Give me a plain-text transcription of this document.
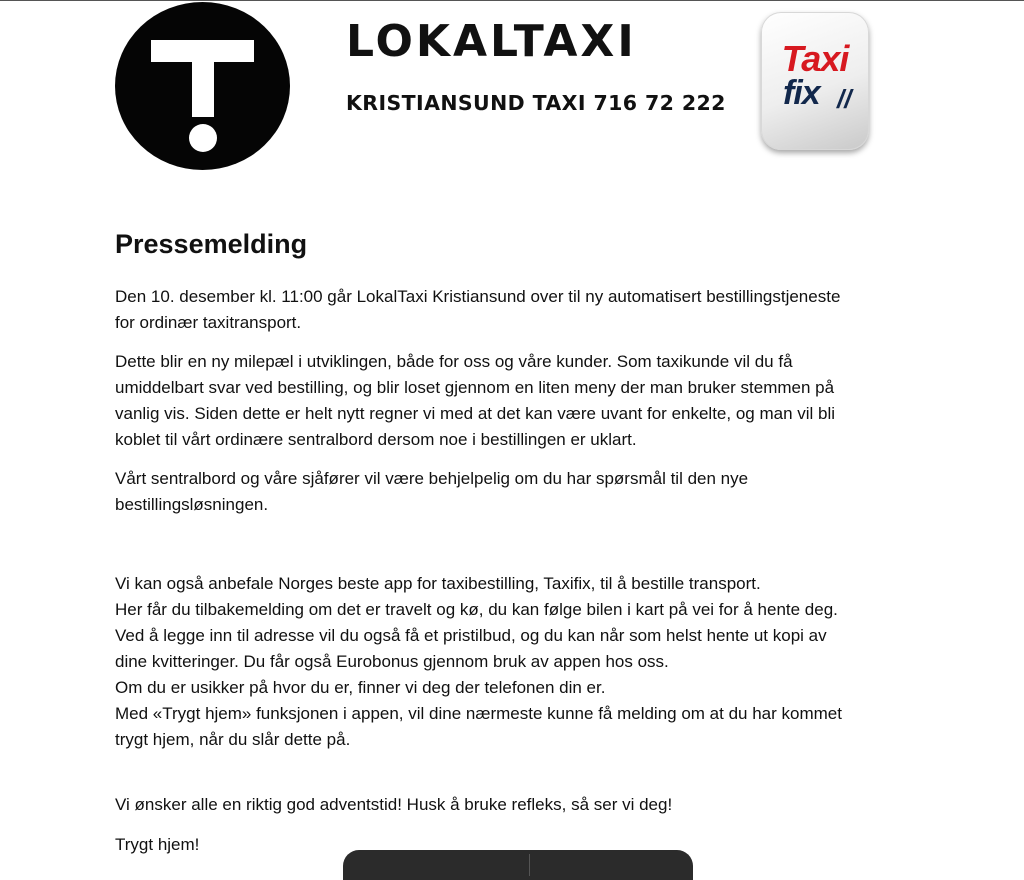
LOKALTAXI
KRISTIANSUND TAXI 716 72 222
Taxi
fix //
Pressemelding

Den 10. desember kl. 11:00 går LokalTaxi Kristiansund over til ny automatisert bestillingstjeneste
for ordinær taxitransport.

Dette blir en ny milepæl i utviklingen, både for oss og våre kunder. Som taxikunde vil du få
umiddelbart svar ved bestilling, og blir loset gjennom en liten meny der man bruker stemmen på
vanlig vis. Siden dette er helt nytt regner vi med at det kan være uvant for enkelte, og man vil bli
koblet til vårt ordinære sentralbord dersom noe i bestillingen er uklart.

Vårt sentralbord og våre sjåfører vil være behjelpelig om du har spørsmål til den nye
bestillingsløsningen.

Vi kan også anbefale Norges beste app for taxibestilling, Taxifix, til å bestille transport.
Her får du tilbakemelding om det er travelt og kø, du kan følge bilen i kart på vei for å hente deg.
Ved å legge inn til adresse vil du også få et pristilbud, og du kan når som helst hente ut kopi av
dine kvitteringer. Du får også Eurobonus gjennom bruk av appen hos oss.
Om du er usikker på hvor du er, finner vi deg der telefonen din er.
Med «Trygt hjem» funksjonen i appen, vil dine nærmeste kunne få melding om at du har kommet
trygt hjem, når du slår dette på.

Vi ønsker alle en riktig god adventstid! Husk å bruke refleks, så ser vi deg!

Trygt hjem!
